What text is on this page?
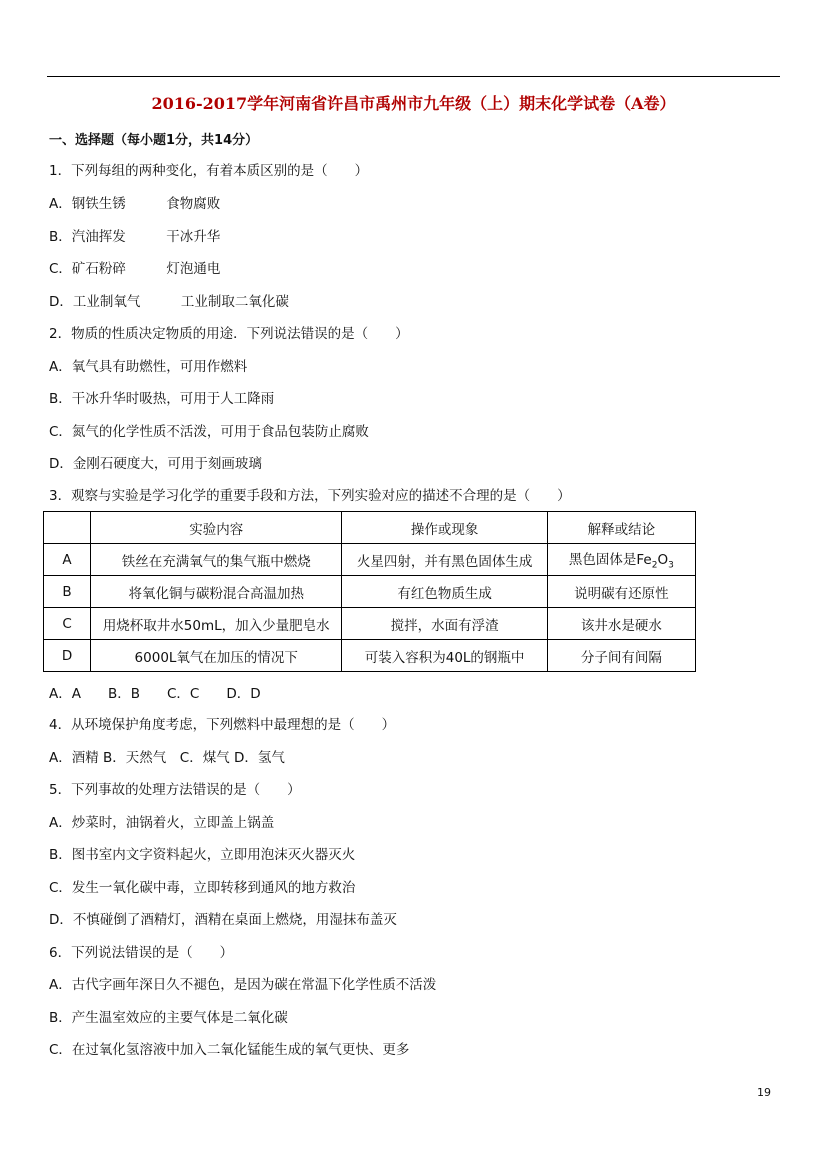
2016-2017学年河南省许昌市禹州市九年级（上）期末化学试卷（A卷）
一、选择题（每小题1分，共14分）
1．下列每组的两种变化，有着本质区别的是（　　）
A．钢铁生锈　　　食物腐败
B．汽油挥发　　　干冰升华
C．矿石粉碎　　　灯泡通电
D．工业制氧气　　　工业制取二氧化碳
2．物质的性质决定物质的用途．下列说法错误的是（　　）
A．氧气具有助燃性，可用作燃料
B．干冰升华时吸热，可用于人工降雨
C．氮气的化学性质不活泼，可用于食品包装防止腐败
D．金刚石硬度大，可用于刻画玻璃
3．观察与实验是学习化学的重要手段和方法，下列实验对应的描述不合理的是（　　）
	实验内容	操作或现象	解释或结论
A	铁丝在充满氧气的集气瓶中燃烧	火星四射，并有黑色固体生成	黑色固体是$Fe_2O_3$
B	将氧化铜与碳粉混合高温加热	有红色物质生成	说明碳有还原性
C	用烧杯取井水50mL，加入少量肥皂水	搅拌，水面有浮渣	该井水是硬水
D	6000L氧气在加压的情况下	可装入容积为40L的钢瓶中	分子间有间隔
A．A　　B．B　　C．C　　D．D
4．从环境保护角度考虑，下列燃料中最理想的是（　　）
A．酒精 B．天然气　C．煤气 D．氢气
5．下列事故的处理方法错误的是（　　）
A．炒菜时，油锅着火，立即盖上锅盖
B．图书室内文字资料起火，立即用泡沫灭火器灭火
C．发生一氧化碳中毒，立即转移到通风的地方救治
D．不慎碰倒了酒精灯，酒精在桌面上燃烧，用湿抹布盖灭
6．下列说法错误的是（　　）
A．古代字画年深日久不褪色，是因为碳在常温下化学性质不活泼
B．产生温室效应的主要气体是二氧化碳
C．在过氧化氢溶液中加入二氧化锰能生成的氧气更快、更多
19
